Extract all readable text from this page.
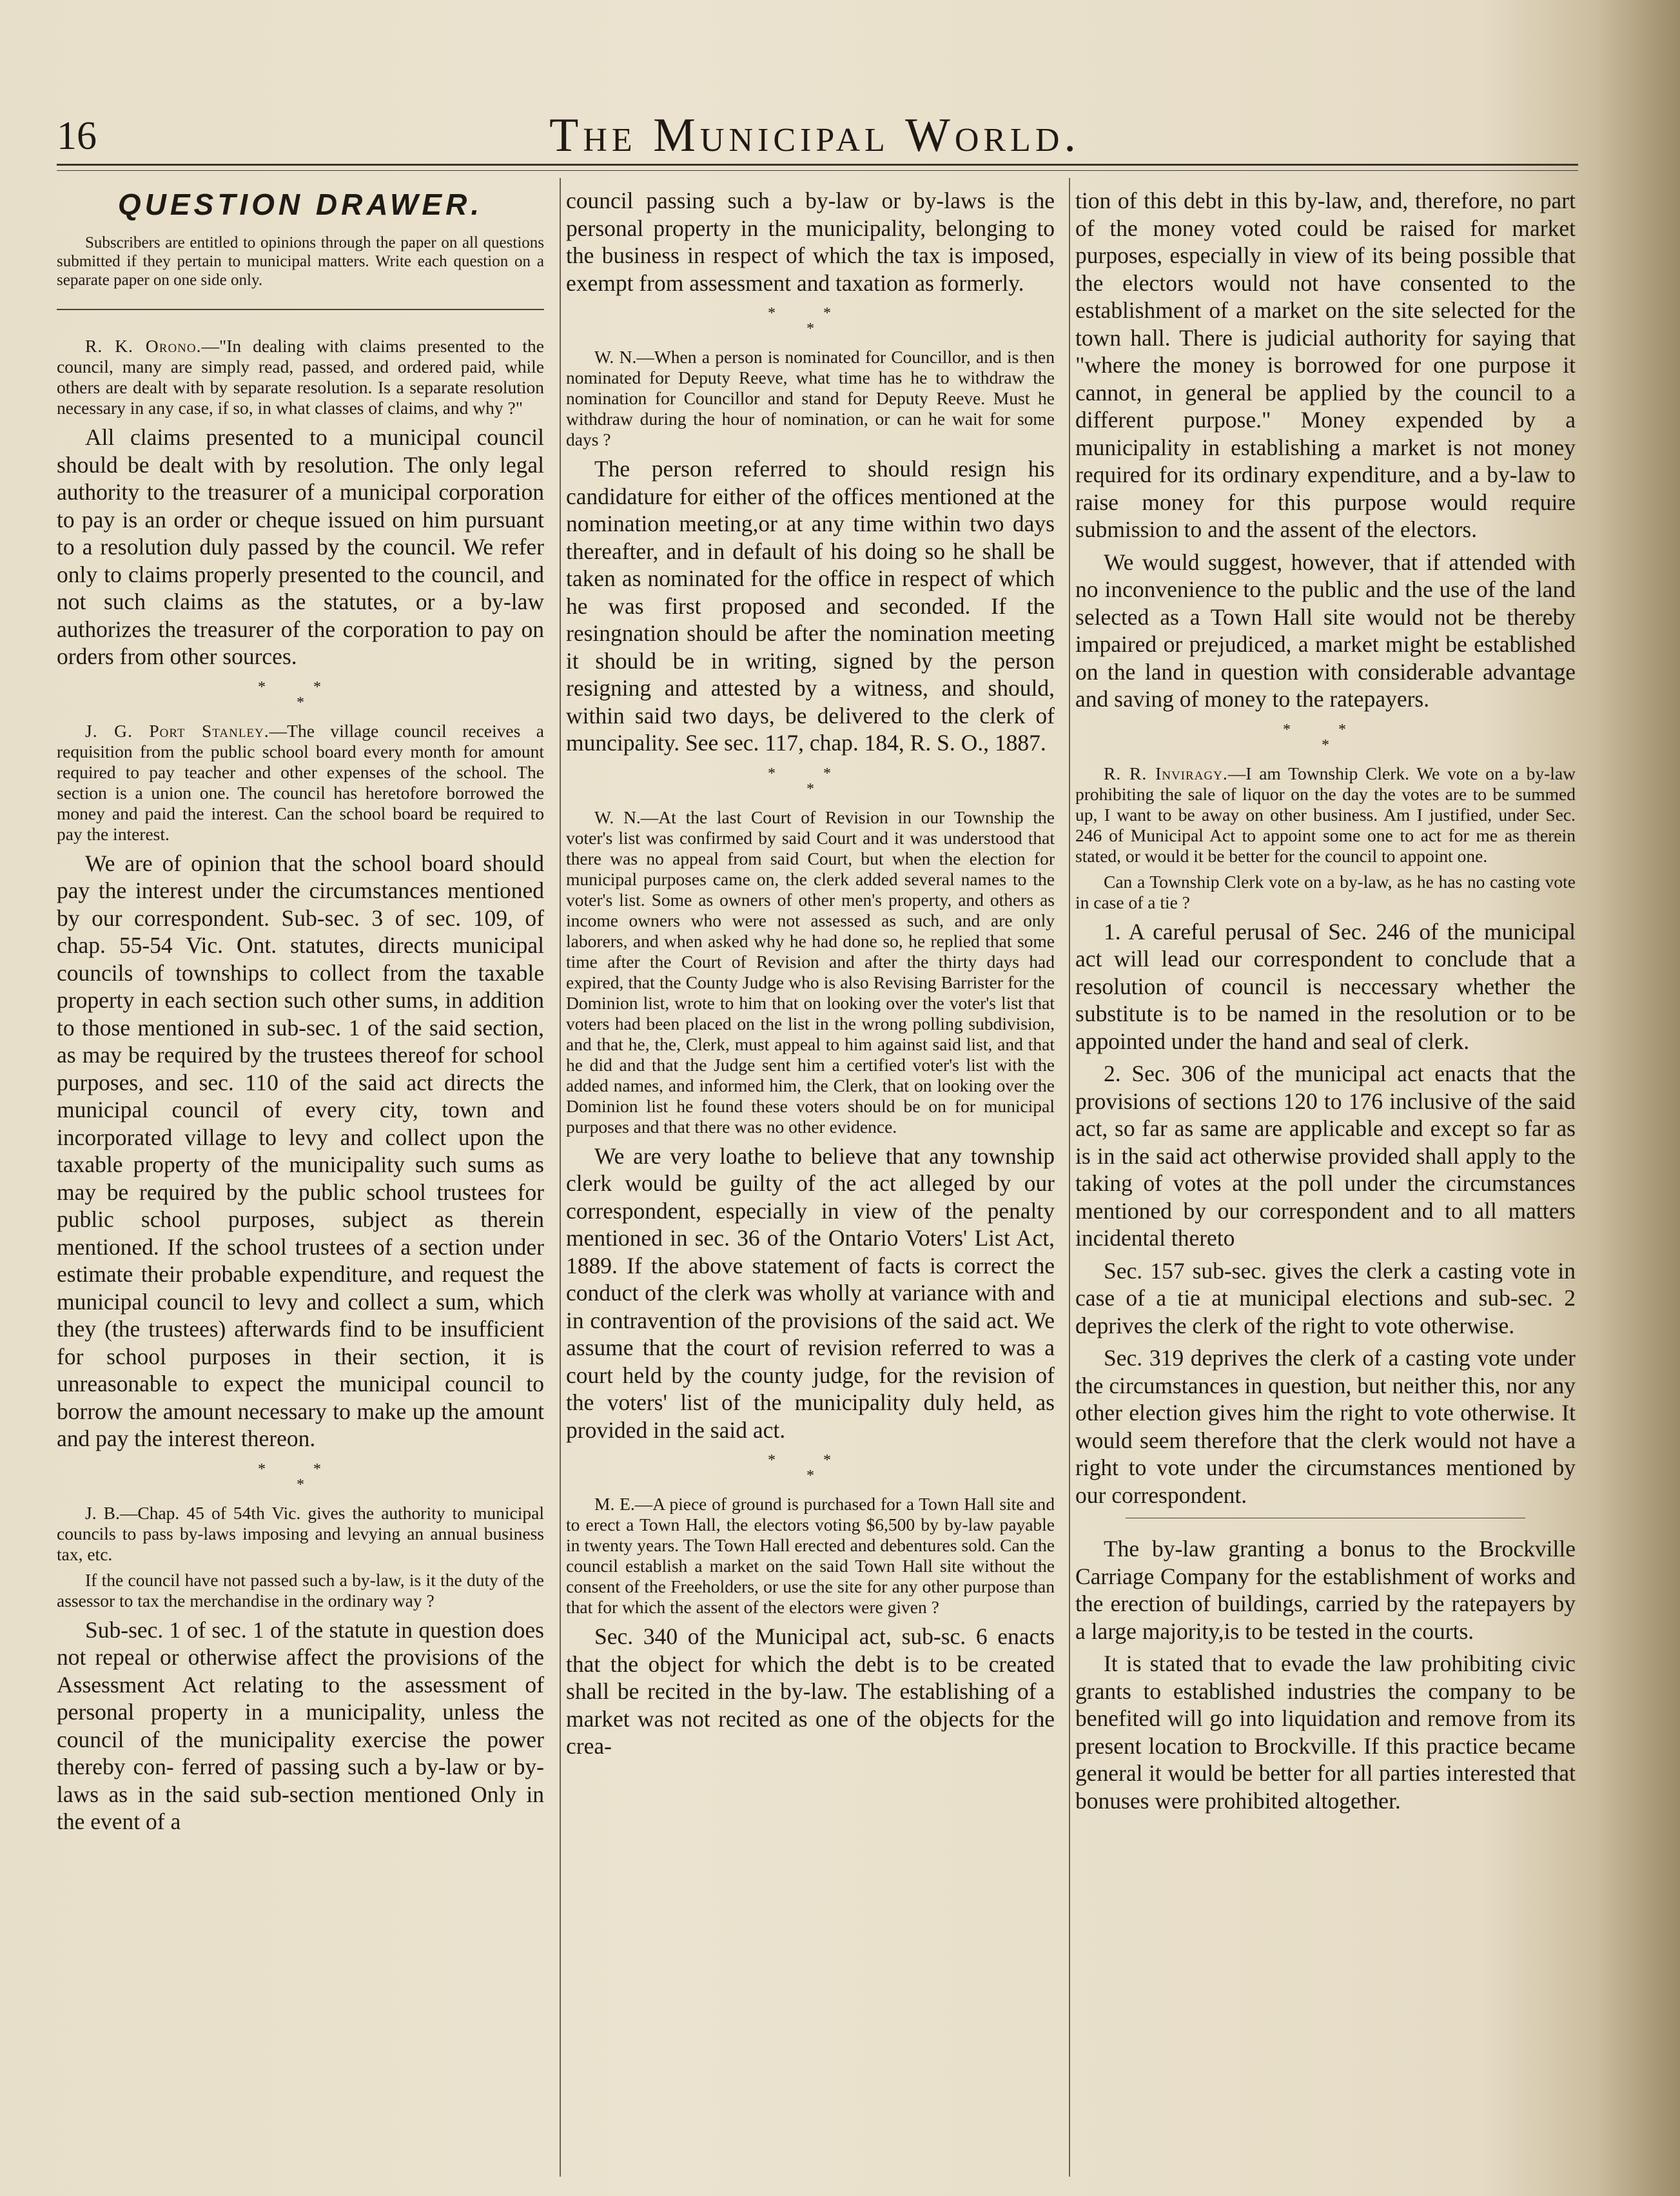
16	The Municipal World.
QUESTION DRAWER.

Subscribers are entitled to opinions through the paper on all questions submitted if they pertain to municipal matters. Write each question on a separate paper on one side only.

R. K. Orono.—"In dealing with claims presented to the council, many are simply read, passed, and ordered paid, while others are dealt with by separate resolution. Is a separate resolution necessary in any case, if so, in what classes of claims, and why ?"

All claims presented to a municipal council should be dealt with by resolution. The only legal authority to the treasurer of a municipal corporation to pay is an order or cheque issued on him pursuant to a resolution duly passed by the council. We refer only to claims properly presented to the council, and not such claims as the statutes, or a by-law authorizes the treasurer of the corporation to pay on orders from other sources.

* *
*

J. G. Port Stanley.—The village council receives a requisition from the public school board every month for amount required to pay teacher and other expenses of the school. The section is a union one. The council has heretofore borrowed the money and paid the interest. Can the school board be required to pay the interest.

We are of opinion that the school board should pay the interest under the circumstances mentioned by our correspondent. Sub-sec. 3 of sec. 109, of chap. 55-54 Vic. Ont. statutes, directs municipal councils of townships to collect from the taxable property in each section such other sums, in addition to those mentioned in sub-sec. 1 of the said section, as may be required by the trustees thereof for school purposes, and sec. 110 of the said act directs the municipal council of every city, town and incorporated village to levy and collect upon the taxable property of the municipality such sums as may be required by the public school trustees for public school purposes, subject as therein mentioned. If the school trustees of a section under estimate their probable expenditure, and request the municipal council to levy and collect a sum, which they (the trustees) afterwards find to be insufficient for school purposes in their section, it is unreasonable to expect the municipal council to borrow the amount necessary to make up the amount and pay the interest thereon.

* *
*

J. B.—Chap. 45 of 54th Vic. gives the authority to municipal councils to pass by-laws imposing and levying an annual business tax, etc.

If the council have not passed such a by-law, is it the duty of the assessor to tax the merchandise in the ordinary way ?

Sub-sec. 1 of sec. 1 of the statute in question does not repeal or otherwise affect the provisions of the Assessment Act relating to the assessment of personal property in a municipality, unless the council of the municipality exercise the power thereby con- ferred of passing such a by-law or by-laws as in the said sub-section mentioned Only in the event of a

council passing such a by-law or by-laws is the personal property in the municipality, belonging to the business in respect of which the tax is imposed, exempt from assessment and taxation as formerly.

* *
*

W. N.—When a person is nominated for Councillor, and is then nominated for Deputy Reeve, what time has he to withdraw the nomination for Councillor and stand for Deputy Reeve. Must he withdraw during the hour of nomination, or can he wait for some days ?

The person referred to should resign his candidature for either of the offices mentioned at the nomination meeting,or at any time within two days thereafter, and in default of his doing so he shall be taken as nominated for the office in respect of which he was first proposed and seconded. If the resingnation should be after the nomination meeting it should be in writing, signed by the person resigning and attested by a witness, and should, within said two days, be delivered to the clerk of muncipality. See sec. 117, chap. 184, R. S. O., 1887.

* *
*

W. N.—At the last Court of Revision in our Township the voter's list was confirmed by said Court and it was understood that there was no appeal from said Court, but when the election for municipal purposes came on, the clerk added several names to the voter's list. Some as owners of other men's property, and others as income owners who were not assessed as such, and are only laborers, and when asked why he had done so, he replied that some time after the Court of Revision and after the thirty days had expired, that the County Judge who is also Revising Barrister for the Dominion list, wrote to him that on looking over the voter's list that voters had been placed on the list in the wrong polling subdivision, and that he, the, Clerk, must appeal to him against said list, and that he did and that the Judge sent him a certified voter's list with the added names, and informed him, the Clerk, that on looking over the Dominion list he found these voters should be on for municipal purposes and that there was no other evidence.

We are very loathe to believe that any township clerk would be guilty of the act alleged by our correspondent, especially in view of the penalty mentioned in sec. 36 of the Ontario Voters' List Act, 1889. If the above statement of facts is correct the conduct of the clerk was wholly at variance with and in contravention of the provisions of the said act. We assume that the court of revision referred to was a court held by the county judge, for the revision of the voters' list of the municipality duly held, as provided in the said act.

* *
*

M. E.—A piece of ground is purchased for a Town Hall site and to erect a Town Hall, the electors voting $6,500 by by-law payable in twenty years. The Town Hall erected and debentures sold. Can the council establish a market on the said Town Hall site without the consent of the Freeholders, or use the site for any other purpose than that for which the assent of the electors were given ?

Sec. 340 of the Municipal act, sub-sc. 6 enacts that the object for which the debt is to be created shall be recited in the by-law. The establishing of a market was not recited as one of the objects for the crea-

tion of this debt in this by-law, and, therefore, no part of the money voted could be raised for market purposes, especially in view of its being possible that the electors would not have consented to the establishment of a market on the site selected for the town hall. There is judicial authority for saying that "where the money is borrowed for one purpose it cannot, in general be applied by the council to a different purpose." Money expended by a municipality in establishing a market is not money required for its ordinary expenditure, and a by-law to raise money for this purpose would require submission to and the assent of the electors.

We would suggest, however, that if attended with no inconvenience to the public and the use of the land selected as a Town Hall site would not be thereby impaired or prejudiced, a market might be established on the land in question with considerable advantage and saving of money to the ratepayers.

* *
*

R. R. Inviragy.—I am Township Clerk. We vote on a by-law prohibiting the sale of liquor on the day the votes are to be summed up, I want to be away on other business. Am I justified, under Sec. 246 of Municipal Act to appoint some one to act for me as therein stated, or would it be better for the council to appoint one.

Can a Township Clerk vote on a by-law, as he has no casting vote in case of a tie ?

1. A careful perusal of Sec. 246 of the municipal act will lead our correspondent to conclude that a resolution of council is neccessary whether the substitute is to be named in the resolution or to be appointed under the hand and seal of clerk.

2. Sec. 306 of the municipal act enacts that the provisions of sections 120 to 176 inclusive of the said act, so far as same are applicable and except so far as is in the said act otherwise provided shall apply to the taking of votes at the poll under the circumstances mentioned by our correspondent and to all matters incidental thereto

Sec. 157 sub-sec. gives the clerk a casting vote in case of a tie at municipal elections and sub-sec. 2 deprives the clerk of the right to vote otherwise.

Sec. 319 deprives the clerk of a casting vote under the circumstances in question, but neither this, nor any other election gives him the right to vote otherwise. It would seem therefore that the clerk would not have a right to vote under the circumstances mentioned by our correspondent.

The by-law granting a bonus to the Brockville Carriage Company for the establishment of works and the erection of buildings, carried by the ratepayers by a large majority,is to be tested in the courts.

It is stated that to evade the law prohibiting civic grants to established industries the company to be benefited will go into liquidation and remove from its present location to Brockville. If this practice became general it would be better for all parties interested that bonuses were prohibited altogether.
